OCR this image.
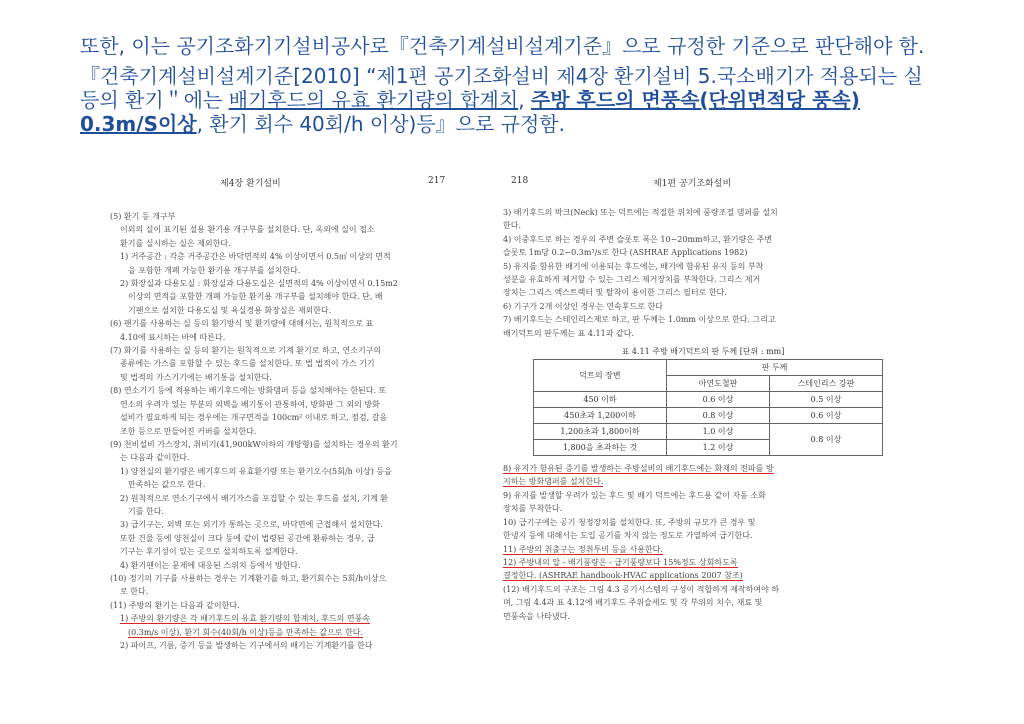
또한, 이는 공기조화기기설비공사로『건축기계설비설계기준』으로 규정한 기준으로 판단해야 함.

『건축기계설비설계기준[2010] “제1편 공기조화설비 제4장 환기설비 5.국소배기가 적용되는 실 등의 환기＂에는 배기후드의 유효 환기량의 합계치, 주방 후드의 면풍속(단위면적당 풍속) 0.3m/S이상, 환기 회수 40회/h 이상)등』으로 규정함.

제4장 환기설비	217
(5) 환기 등 개구부
이외의 실이 표기된 설용 환기용 개구부를 설치한다. 단, 옥외에 실이 접소
환기를 실시하는 실은 제외한다.
1) 거주공간 : 각층 거주공간은 바닥면적의 4% 이상이면서 0.5㎡ 이상의 면적
을 포함한 개폐 가능한 환기용 개구부를 설치한다.
2) 화장실과 다용도실 : 화장실과 다용도실은 실면적의 4% 이상이면서 0.15m2
이상의 면적을 포함한 개폐 가능한 환기용 개구부를 설치해야 한다. 단, 배
기팬으로 설치한 다용도실 및 욕실경용 화장실은 제외한다.
(6) 팬기를 사용하는 실 등의 환기방식 및 환기량에 대해서는, 원칙적으로 표
4.10에 표시하는 바에 따른다.
(7) 화기를 사용하는 실 등의 환기는 원칙적으로 기계 환기로 하고, 연소기구의
종류에는 가스를 포함할 수 있는 후드를 설치한다. 또 법 법적이 가스 기기
및 법적의 가스기기에는 배기통을 설치한다.
(8) 연소기기 등에 적용하는 배기후드에는 방화댐퍼 등을 설치해야는 한된다. 또
연소의 우려가 있는 부분의 외벽을 배기통이 관통하여, 방화판 그 외의 방화
설비가 필요하게 되는 경우에는 개구면적을 100cm² 이내로 하고, 점검, 갈음
조한 등으로 만들어진 커버를 설치한다.
(9) 천비설비 가스장치, 취비기(41,900kW이하의 개방형)를 설치하는 경우의 환기
는 다음과 같이한다.
1) 양천실의 환기량은 배기후드의 유효환기량 또는 환기오수(5회/h 이상) 등을
만족하는 값으로 한다.
2) 원칙적으로 연소기구에서 배기가스를 포집할 수 있는 후드를 설치, 기계 환
기를 한다.
3) 급기구는, 외벽 또는 외기가 통하는 곳으로, 바닥면에 근접해서 설치한다.
또한 건물 등에 양천실이 크다 등에 같이 법령된 공간에 환류하는 경우, 급
기구는 후기성이 있는 곳으로 설치하도록 설계한다.
4) 환기팬이는 문제에 대응된 스위치 등에서 방한다.
(10) 정기의 기구를 사용하는 경우는 기계환기를 하고, 환기회수는 5회/h이상으
로 한다.
(11) 주방의 환기는 다음과 같이한다.
1) 주방의 환기량은 각 배기후드의 유효 환기량의 합계치, 후드의 면풍속
(0.3m/s 이상), 환기 회수(40회/h 이상)등을 만족하는 값으로 한다.
2) 파이프, 기름, 증기 등을 발생하는 기구에서의 배기는 기계환기를 한다
218	제1편 공기조화설비
3) 배기후드의 박크(Neck) 또는 덕트에는 적절한 위치에 풍량조절 댐퍼를 설치
한다.
4) 이중후드로 하는 경우의 주변 슬롯토 폭은 10~20mm하고, 환기량은 주변
슬롯토 1m당 0.2~0.3m³/s로 한다 (ASHRAE Applications 1982)
5) 유지를 함유한 배기에 이용되는 후드에는, 배기에 함유된 유지 등의 부착
성분을 유효하게 제거할 수 있는 그리스 제거장치를 부착한다. 그리스 제거
장치는 그리스 엑스트랙터 및 탈착이 용이한 그리스 필터로 한다.
6) 기구가 2개 이상인 경우는 연속후드로 한다
7) 배기후드는 스테인리스제로 하고, 판 두께는 1.0mm 이상으로 한다. 그리고
배기덕트의 판두께는 표 4.11과 같다.
표 4.11 주방 배기덕트의 판 두께 [단위 : mm]
덕트의 장변	판 두께	
	아연도철판	스테인리스 강판
450 이하	0.6 이상	0.5 이상
450초과 1,200이하	0.8 이상	0.6 이상
1,200초과 1,800이하	1.0 이상	0.8 이상
1,800을 초과하는 것	1.2 이상	
8) 유지가 함유된 증기를 발생하는 주방설비의 배기후드에는 화재의 전파를 방
지하는 방화댐퍼를 설치한다.
9) 유지를 발생할 우려가 있는 후드 및 배기 덕트에는 후드용 같이 자동 소화
장치를 부착한다.
10) 급기구에는 공기 청정장치를 설치한다. 또, 주방의 규모가 큰 경우 및
한냉지 등에 대해서는 도입 공기를 차지 않는 정도로 가열하여 급기한다.
11) 주방의 취출구는 정취투비 등을 사용한다.
12) 주방내의 압 - 배기풍량은 - 급기풍량보다 15%정도 상회하도록
결정한다. (ASHRAE handbook-HVAC applications 2007 참조)
(12) 배기후드의 구조는 그림 4.3 공기시스템의 구성이 적합하게 제작하여야 하
며, 그림 4.4과 표 4.12에 배기후드 주위슬세도 및 각 부위의 치수, 재료 및
면풍속을 나타냈다.
